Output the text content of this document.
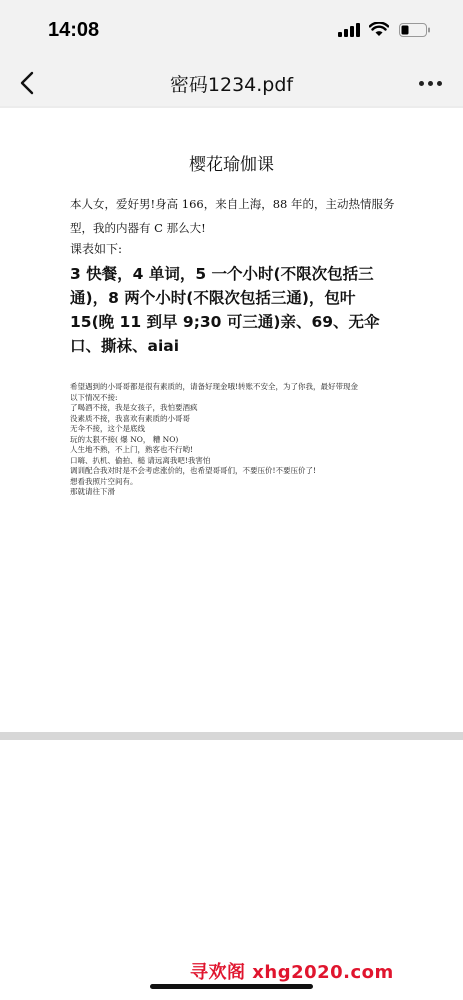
14:08
密码1234.pdf
樱花瑜伽课
本人女，爱好男!身高 166，来自上海，88 年的，主动热情服务型，我的内器有 C 那么大!
课表如下:
3 快餐，4 单词，5 一个小时(不限次包括三通)，8 两个小时(不限次包括三通)，包叶 15(晚 11 到早 9;30 可三通)亲、69、无伞口、撕袜、aiai
希望遇到的小哥哥都是很有素质的，请备好现金哦!转账不安全，为了你我，最好带现金
以下情况不接:
了喝酒不接，我是女孩子，我怕要酒疯
没素质不接，我喜欢有素质的小哥哥
无伞不接，这个是底线
玩的太狠不接( 爆 NO， 糟 NO)
人生地不熟，不上门，熟客也不行哟!
口嗨、扒机、偷拍、槌 请远离我吧!我害怕
调训配合我对时是不会考虑涨价的，也希望哥哥们，不要压价!不要压价了!
想看我照片空间有。
那就请往下滑
寻欢阁 xhg2020.com
